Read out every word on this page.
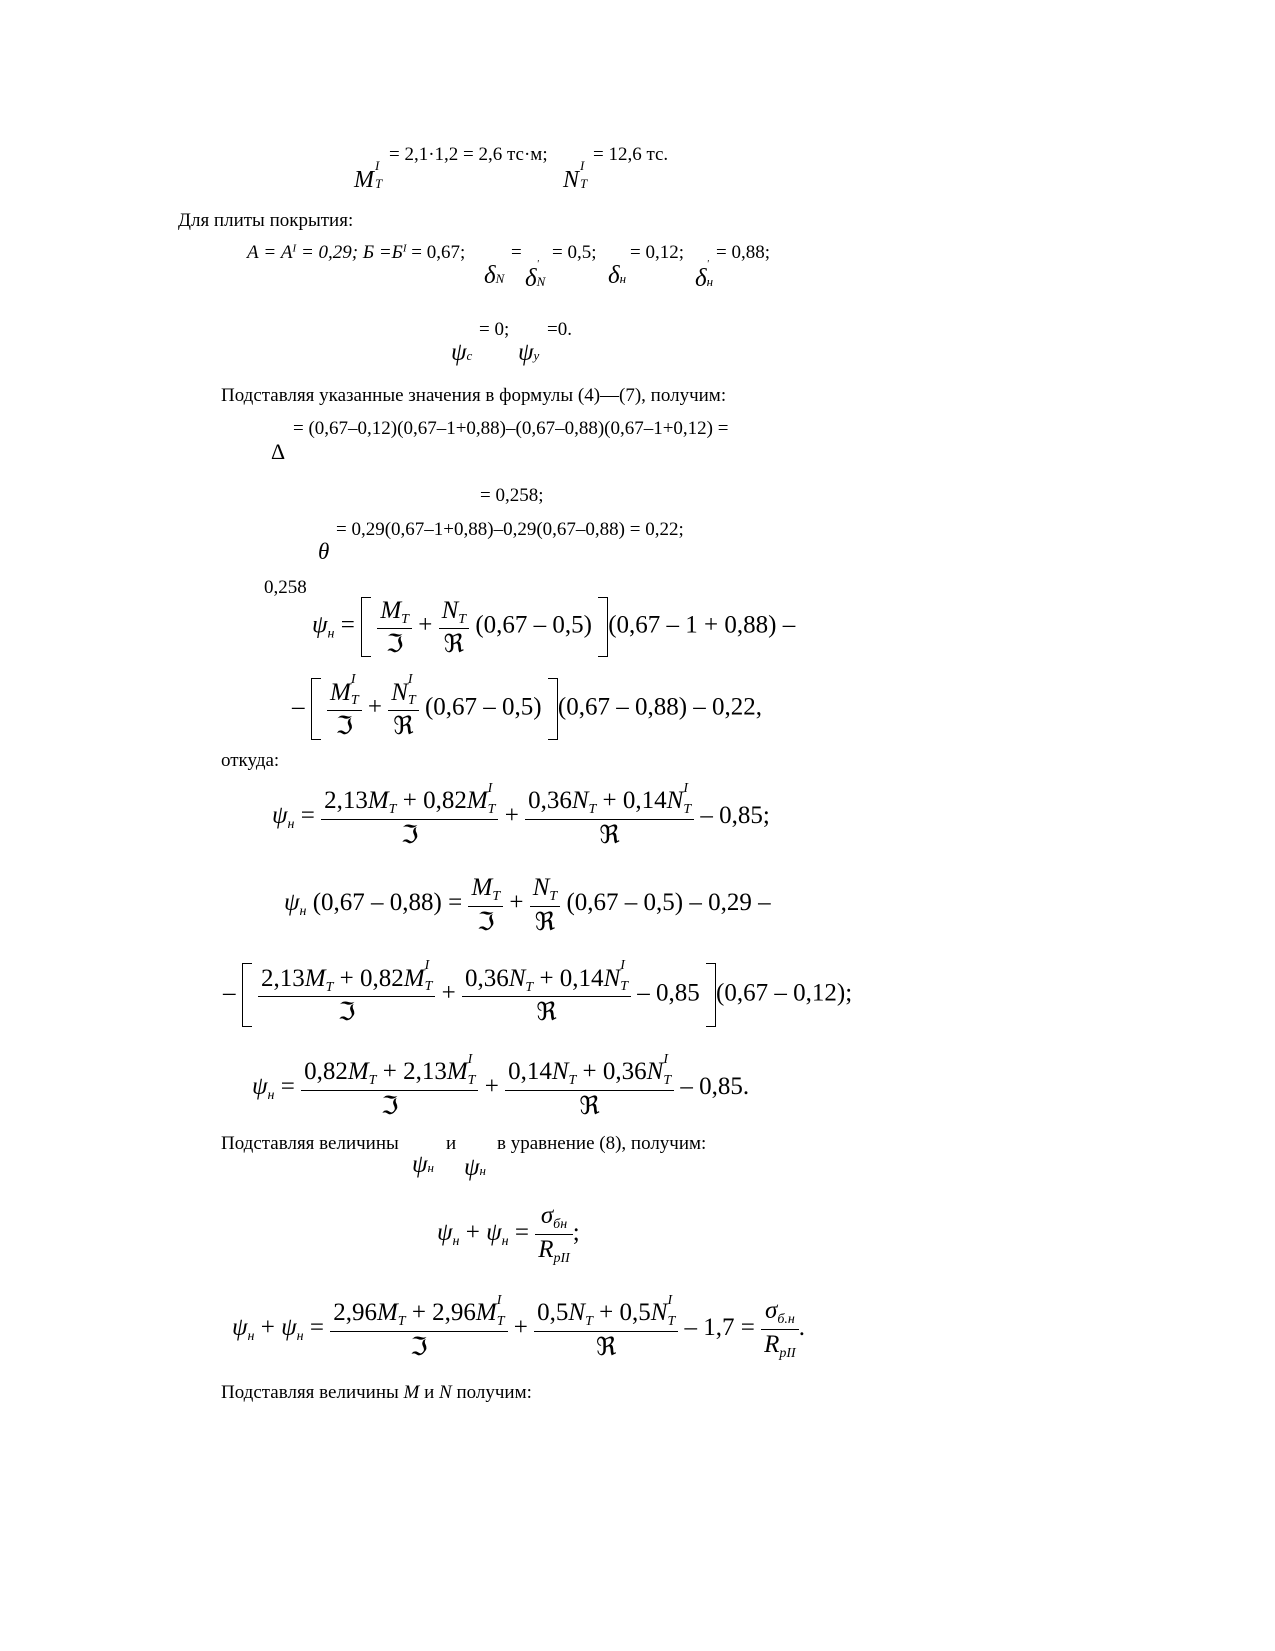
= 2,1·1,2 = 2,6 тс·м;
M
I
T
= 12,6 тс.
N
I
T
Для плиты покрытия:
$А = А^I = 0,29$; $Б =Б^I = 0,67$; = = 0,5; = 0,12; = 0,88;
δN δ
'
N	δн	δ
'
н
= 0; =0.
ψс ψу
Подставляя указанные значения в формулы (4)—(7), получим:
= (0,67–0,12)(0,67–1+0,88)–(0,67–0,88)(0,67–1+0,12) =
Δ
= 0,258;
= 0,29(0,67–1+0,88)–0,29(0,67–0,88) = 0,22;
θ
0,258
$\psi_н = \frac{M_T}{\text{ℑ}} + \frac{N_T}{\text{ℜ}} (0,67 - 0,5)$ (0,67 – 1 + 0,88) –
– M $_{I T}$
ℑ + N $_{I T}$
ℜ (0,67 – 0,5) (0,67 – 0,88) – 0,22,
откуда:
$\psi_н = 2,13M_T + 0,82M$ $_{I T}$
ℑ + $0,36N_T + 0,14N$ $_{I T}$
ℜ – 0,85;
$\psi_н$ $(0,67 - 0,88) = \frac{M_T}{\text{ℑ}} + \frac{N_T}{\text{ℜ}} (0,67 - 0,5) - 0,29$ –
– $2,13M_T + 0,82M$ $_{I T}$
ℑ + $0,36N_T + 0,14N$ $_{I T}$
ℜ – 0,85 (0,67 – 0,12);
$\psi_н = 0,82M_T + 2,13M$ $_{I T}$
ℑ + $0,14N_T + 0,36N$ $_{I T}$
ℜ – 0,85.
Подставляя величины и в уравнение (8), получим:
ψн ψн
$\psi_н + \psi_н = \frac{\sigma_{бн}}{R_{рII}}$ ;
$\psi_н + \psi_н = 2,96M_T + 2,96M$ $_{I T}$
ℑ + $0,5N_T + 0,5N$ $_{I T}$
ℜ – $1,7 = \frac{\sigma_{б.н}}{R_{рII}}$ .
Подставляя величины M и N получим:
